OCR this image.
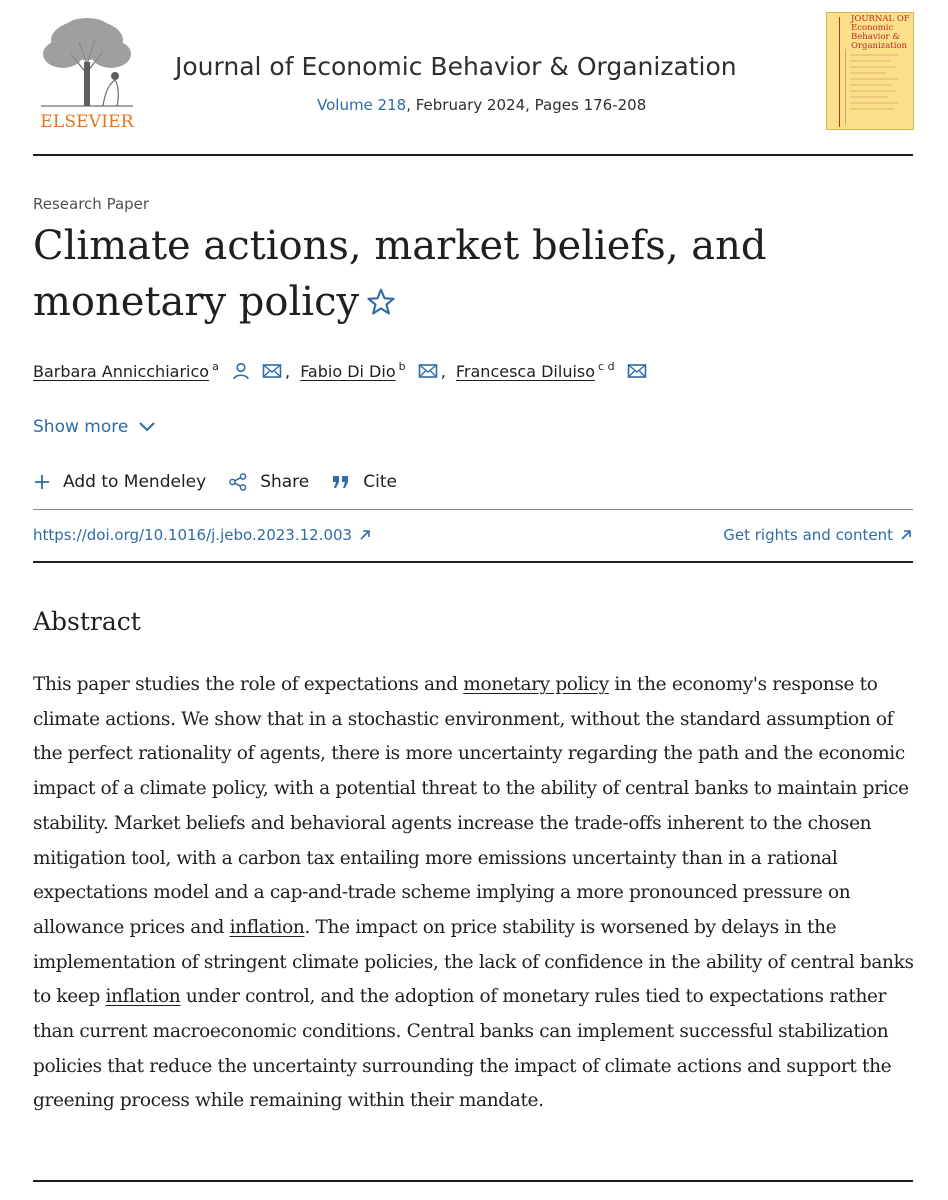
ELSEVIER
Journal of Economic Behavior & Organization
Volume 218, February 2024, Pages 176-208
JOURNAL OF Economic Behavior & Organization
Research Paper
Climate actions, market beliefs, and monetary policy
Barbara Annicchiarico $^a$	, Fabio Di Dio $^b$ , Francesca Diluiso $^{c d}$
Show more
Add to Mendeley	Share	Cite
https://doi.org/10.1016/j.jebo.2023.12.003	Get rights and content
Abstract

This paper studies the role of expectations and monetary policy in the economy's response to climate actions. We show that in a stochastic environment, without the standard assumption of the perfect rationality of agents, there is more uncertainty regarding the path and the economic impact of a climate policy, with a potential threat to the ability of central banks to maintain price stability. Market beliefs and behavioral agents increase the trade-offs inherent to the chosen mitigation tool, with a carbon tax entailing more emissions uncertainty than in a rational expectations model and a cap-and-trade scheme implying a more pronounced pressure on allowance prices and inflation. The impact on price stability is worsened by delays in the implementation of stringent climate policies, the lack of confidence in the ability of central banks to keep inflation under control, and the adoption of monetary rules tied to expectations rather than current macroeconomic conditions. Central banks can implement successful stabilization policies that reduce the uncertainty surrounding the impact of climate actions and support the greening process while remaining within their mandate.
